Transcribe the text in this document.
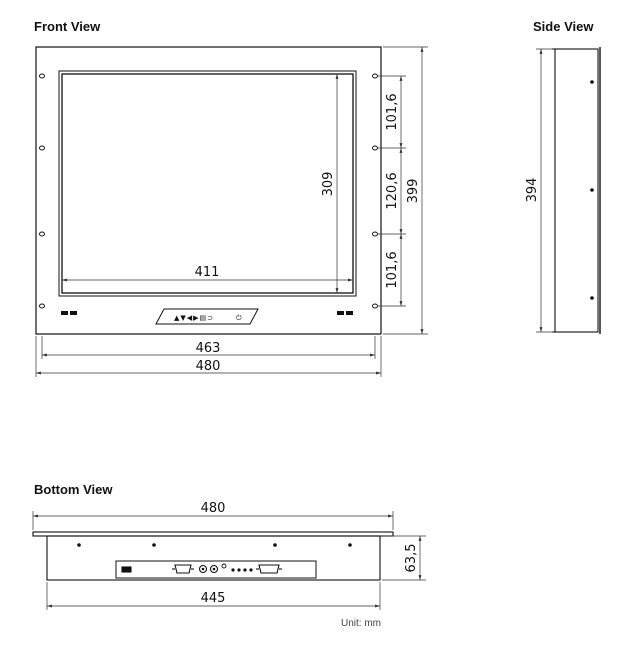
Front View	Side View
Bottom View
▲▼◀▶▤⊃	⏻
411
309
463
480
101,6
120,6
101,6
399	394
480
445
63,5
Unit: mm
